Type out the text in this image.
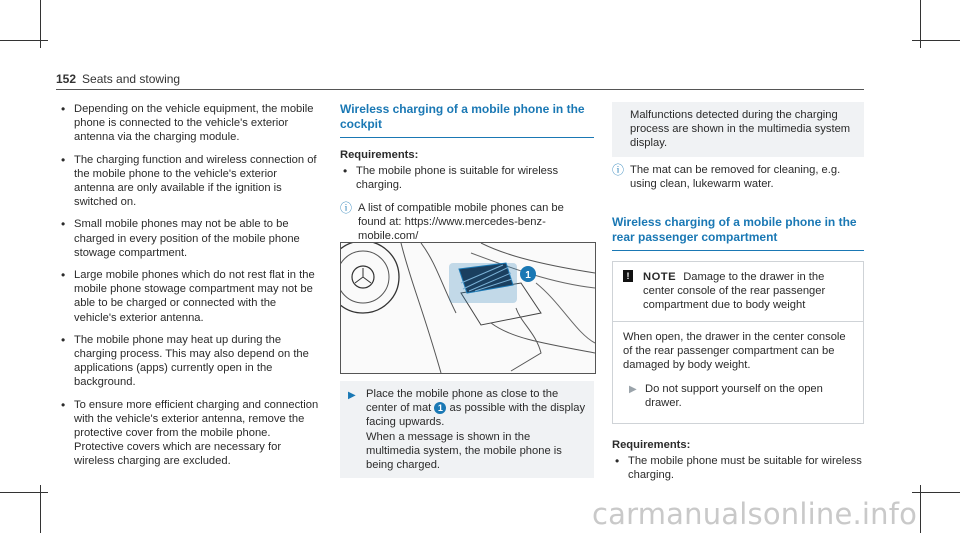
152 Seats and stowing
• Depending on the vehicle equipment, the mobile phone is connected to the vehicle's exterior antenna via the charging module.
• The charging function and wireless connection of the mobile phone to the vehicle's exterior antenna are only available if the ignition is switched on.
• Small mobile phones may not be able to be charged in every position of the mobile phone stowage compartment.
• Large mobile phones which do not rest flat in the mobile phone stowage compartment may not be able to be charged or connected with the vehicle's exterior antenna.
• The mobile phone may heat up during the charging process. This may also depend on the applications (apps) currently open in the background.
• To ensure more efficient charging and connection with the vehicle's exterior antenna, remove the protective cover from the mobile phone. Protective covers which are necessary for wireless charging are excluded.
Wireless charging of a mobile phone in the cockpit
Requirements:
• The mobile phone is suitable for wireless charging.
ⓘ A list of compatible mobile phones can be found at: https://www.mercedes-benz-mobile.com/
1
▶ Place the mobile phone as close to the center of mat 1 as possible with the display facing upwards.
When a message is shown in the multimedia system, the mobile phone is being charged.
Malfunctions detected during the charging process are shown in the multimedia system display.
ⓘ The mat can be removed for cleaning, e.g. using clean, lukewarm water.
Wireless charging of a mobile phone in the rear passenger compartment
!	NOTE Damage to the drawer in the center console of the rear passenger compartment due to body weight
When open, the drawer in the center console of the rear passenger compartment can be damaged by body weight.
▶ Do not support yourself on the open drawer.
Requirements:
• The mobile phone must be suitable for wireless charging.
carmanualsonline.info
